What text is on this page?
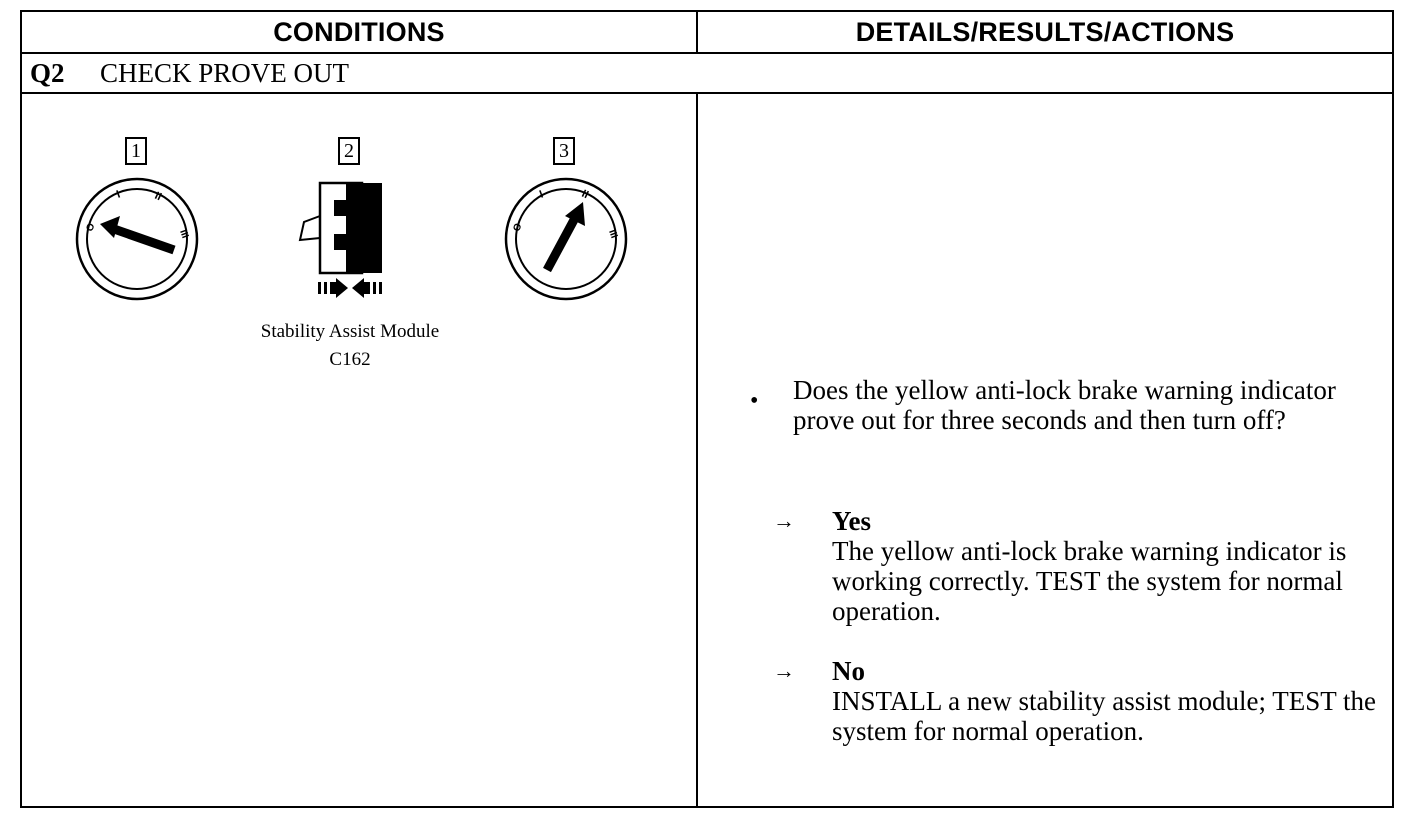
CONDITIONS	DETAILS/RESULTS/ACTIONS
Q2 CHECK PROVE OUT
1
O
I	II
III
2
Stability Assist Module
C162
3
O
I	II
III
• Does the yellow anti-lock brake warning indicator prove out for three seconds and then turn off?
→ Yes
The yellow anti-lock brake warning indicator is working correctly. TEST the system for normal operation.
→ No
INSTALL a new stability assist module; TEST the system for normal operation.
